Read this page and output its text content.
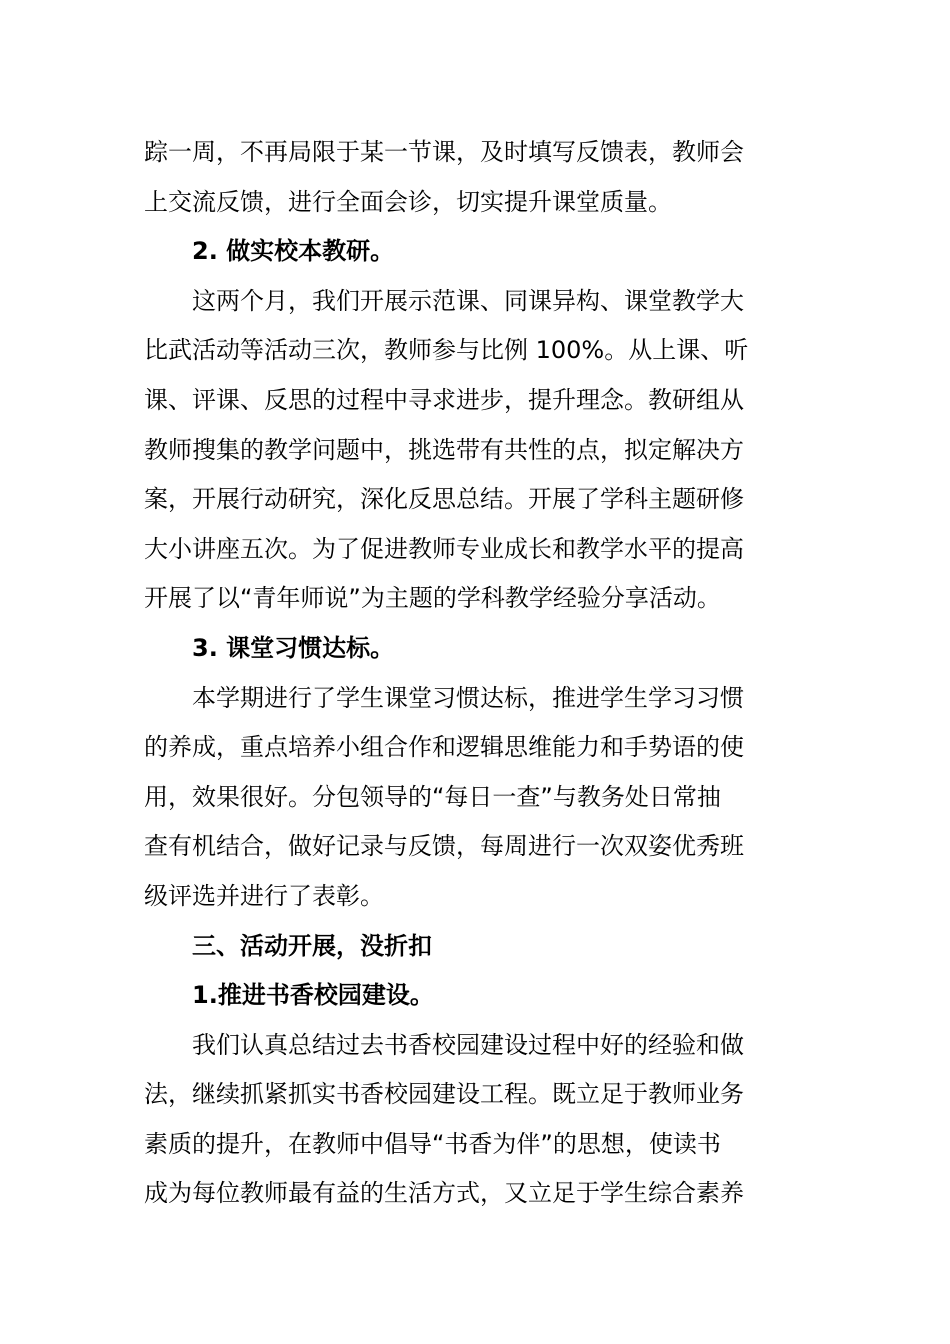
踪一周，不再局限于某一节课，及时填写反馈表，教师会
上交流反馈，进行全面会诊，切实提升课堂质量。
2. 做实校本教研。
这两个月，我们开展示范课、同课异构、课堂教学大
比武活动等活动三次，教师参与比例 100%。从上课、听
课、评课、反思的过程中寻求进步，提升理念。教研组从
教师搜集的教学问题中，挑选带有共性的点，拟定解决方
案，开展行动研究，深化反思总结。开展了学科主题研修
大小讲座五次。为了促进教师专业成长和教学水平的提高
开展了以“青年师说”为主题的学科教学经验分享活动。
3. 课堂习惯达标。
本学期进行了学生课堂习惯达标，推进学生学习习惯
的养成，重点培养小组合作和逻辑思维能力和手势语的使
用，效果很好。分包领导的“每日一查”与教务处日常抽
查有机结合，做好记录与反馈，每周进行一次双姿优秀班
级评选并进行了表彰。
三、活动开展，没折扣
1.推进书香校园建设。
我们认真总结过去书香校园建设过程中好的经验和做
法，继续抓紧抓实书香校园建设工程。既立足于教师业务
素质的提升，在教师中倡导“书香为伴”的思想，使读书
成为每位教师最有益的生活方式，又立足于学生综合素养
